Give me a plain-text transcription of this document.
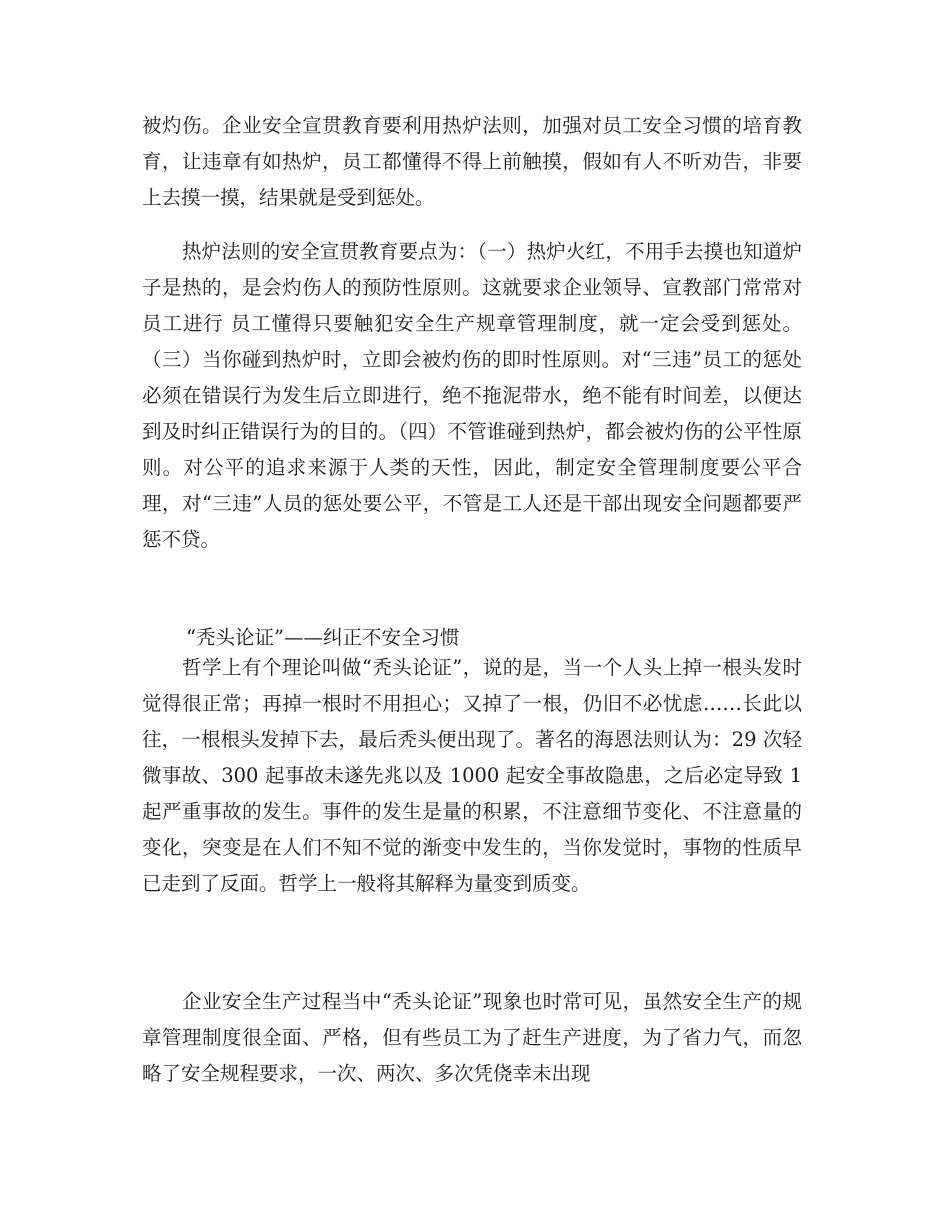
被灼伤。企业安全宣贯教育要利用热炉法则，加强对员工安全习惯的培育教育，让违章有如热炉，员工都懂得不得上前触摸，假如有人不听劝告，非要上去摸一摸，结果就是受到惩处。

热炉法则的安全宣贯教育要点为：（一）热炉火红，不用手去摸也知道炉子是热的，是会灼伤人的预防性原则。这就要求企业领导、宣教部门常常对员工进行 员工懂得只要触犯安全生产规章管理制度，就一定会受到惩处。（三）当你碰到热炉时，立即会被灼伤的即时性原则。对“三违”员工的惩处必须在错误行为发生后立即进行，绝不拖泥带水，绝不能有时间差，以便达到及时纠正错误行为的目的。（四）不管谁碰到热炉，都会被灼伤的公平性原则。对公平的追求来源于人类的天性，因此，制定安全管理制度要公平合理，对“三违”人员的惩处要公平，不管是工人还是干部出现安全问题都要严惩不贷。

“秃头论证”——纠正不安全习惯

哲学上有个理论叫做“秃头论证”，说的是，当一个人头上掉一根头发时觉得很正常；再掉一根时不用担心；又掉了一根，仍旧不必忧虑……长此以往，一根根头发掉下去，最后秃头便出现了。著名的海恩法则认为：29 次轻微事故、300 起事故未遂先兆以及 1000 起安全事故隐患，之后必定导致 1 起严重事故的发生。事件的发生是量的积累，不注意细节变化、不注意量的变化，突变是在人们不知不觉的渐变中发生的，当你发觉时，事物的性质早已走到了反面。哲学上一般将其解释为量变到质变。

企业安全生产过程当中“秃头论证”现象也时常可见，虽然安全生产的规章管理制度很全面、严格，但有些员工为了赶生产进度，为了省力气，而忽略了安全规程要求，一次、两次、多次凭侥幸未出现
